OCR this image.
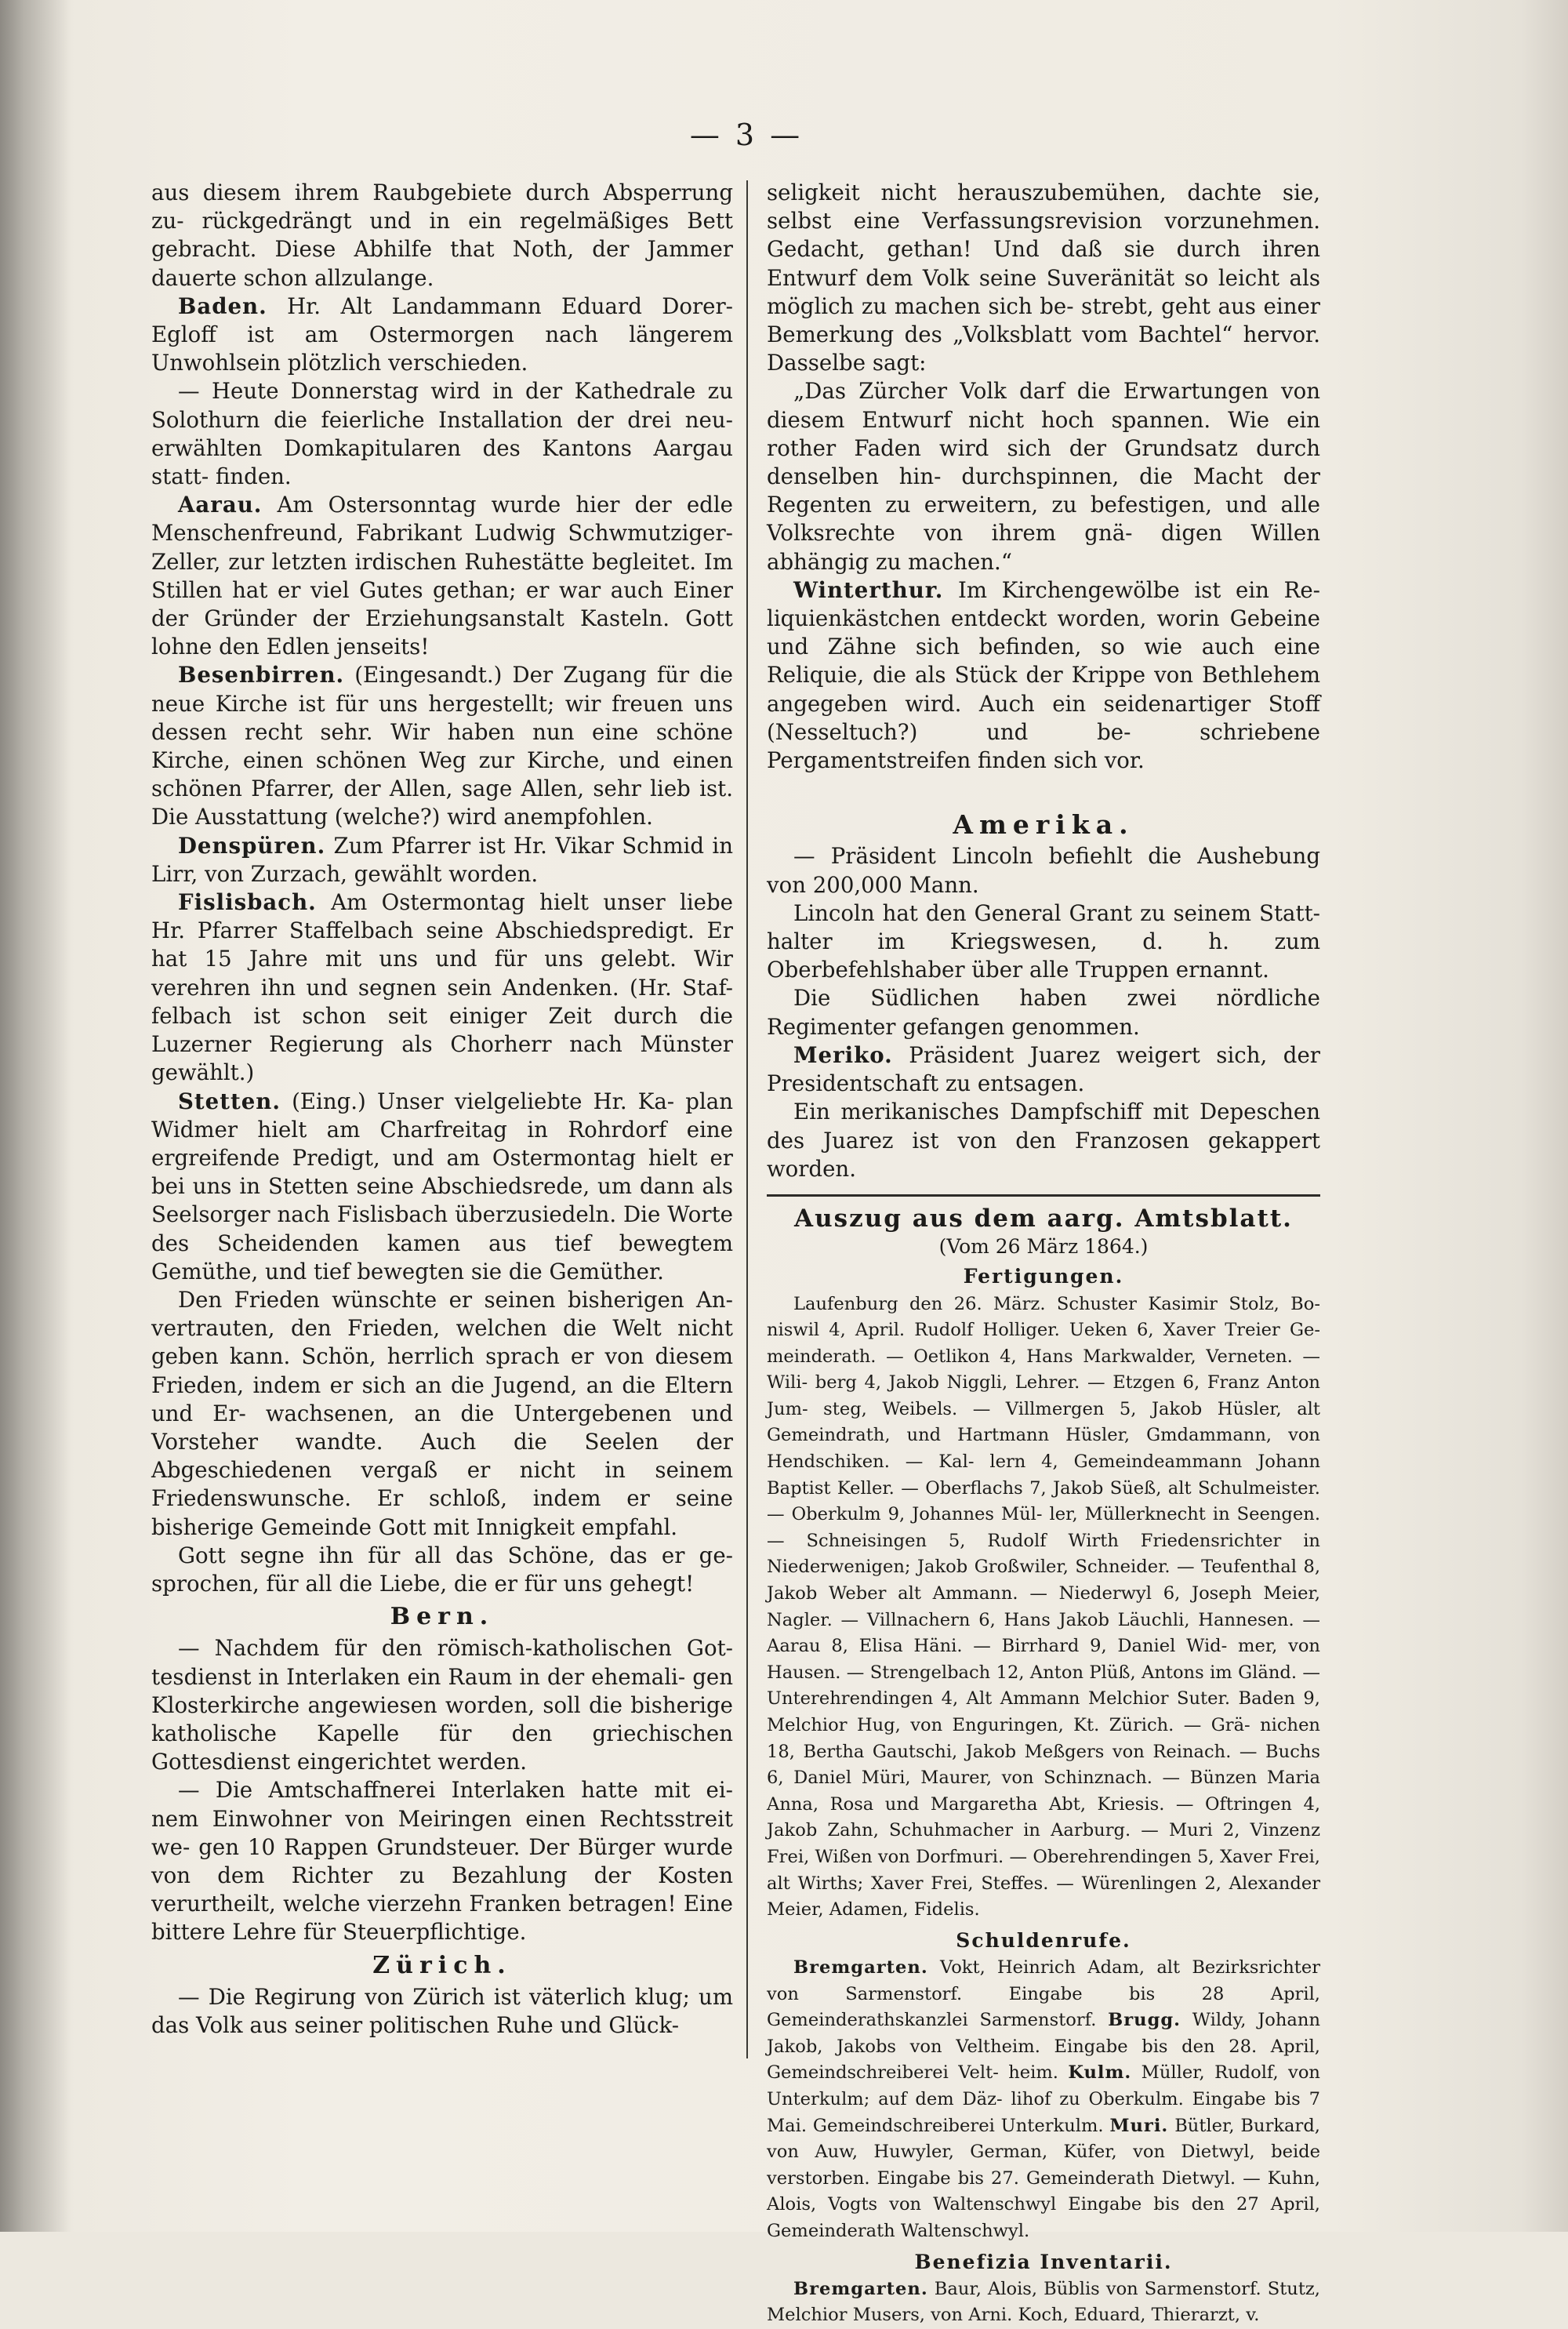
— 3 —

aus diesem ihrem Raubgebiete durch Absperrung zu- rückgedrängt und in ein regelmäßiges Bett gebracht. Diese Abhilfe that Noth, der Jammer dauerte schon allzulange.

Baden. Hr. Alt Landammann Eduard Dorer- Egloff ist am Ostermorgen nach längerem Unwohlsein plötzlich verschieden.

— Heute Donnerstag wird in der Kathedrale zu Solothurn die feierliche Installation der drei neu- erwählten Domkapitularen des Kantons Aargau statt- finden.

Aarau. Am Ostersonntag wurde hier der edle Menschenfreund, Fabrikant Ludwig Schwmutziger- Zeller, zur letzten irdischen Ruhestätte begleitet. Im Stillen hat er viel Gutes gethan; er war auch Einer der Gründer der Erziehungsanstalt Kasteln. Gott lohne den Edlen jenseits!

Besenbirren. (Eingesandt.) Der Zugang für die neue Kirche ist für uns hergestellt; wir freuen uns dessen recht sehr. Wir haben nun eine schöne Kirche, einen schönen Weg zur Kirche, und einen schönen Pfarrer, der Allen, sage Allen, sehr lieb ist. Die Ausstattung (welche?) wird anempfohlen.

Denspüren. Zum Pfarrer ist Hr. Vikar Schmid in Lirr, von Zurzach, gewählt worden.

Fislisbach. Am Ostermontag hielt unser liebe Hr. Pfarrer Staffelbach seine Abschiedspredigt. Er hat 15 Jahre mit uns und für uns gelebt. Wir verehren ihn und segnen sein Andenken. (Hr. Staf- felbach ist schon seit einiger Zeit durch die Luzerner Regierung als Chorherr nach Münster gewählt.)

Stetten. (Eing.) Unser vielgeliebte Hr. Ka- plan Widmer hielt am Charfreitag in Rohrdorf eine ergreifende Predigt, und am Ostermontag hielt er bei uns in Stetten seine Abschiedsrede, um dann als Seelsorger nach Fislisbach überzusiedeln. Die Worte des Scheidenden kamen aus tief bewegtem Gemüthe, und tief bewegten sie die Gemüther.

Den Frieden wünschte er seinen bisherigen An- vertrauten, den Frieden, welchen die Welt nicht geben kann. Schön, herrlich sprach er von diesem Frieden, indem er sich an die Jugend, an die Eltern und Er- wachsenen, an die Untergebenen und Vorsteher wandte. Auch die Seelen der Abgeschiedenen vergaß er nicht in seinem Friedenswunsche. Er schloß, indem er seine bisherige Gemeinde Gott mit Innigkeit empfahl.

Gott segne ihn für all das Schöne, das er ge- sprochen, für all die Liebe, die er für uns gehegt!

Bern.

— Nachdem für den römisch-katholischen Got- tesdienst in Interlaken ein Raum in der ehemali- gen Klosterkirche angewiesen worden, soll die bisherige katholische Kapelle für den griechischen Gottesdienst eingerichtet werden.

— Die Amtschaffnerei Interlaken hatte mit ei- nem Einwohner von Meiringen einen Rechtsstreit we- gen 10 Rappen Grundsteuer. Der Bürger wurde von dem Richter zu Bezahlung der Kosten verurtheilt, welche vierzehn Franken betragen! Eine bittere Lehre für Steuerpflichtige.

Zürich.

— Die Regirung von Zürich ist väterlich klug; um das Volk aus seiner politischen Ruhe und Glück-

seligkeit nicht herauszubemühen, dachte sie, selbst eine Verfassungsrevision vorzunehmen. Gedacht, gethan! Und daß sie durch ihren Entwurf dem Volk seine Suveränität so leicht als möglich zu machen sich be- strebt, geht aus einer Bemerkung des „Volksblatt vom Bachtel“ hervor. Dasselbe sagt:

„Das Zürcher Volk darf die Erwartungen von diesem Entwurf nicht hoch spannen. Wie ein rother Faden wird sich der Grundsatz durch denselben hin- durchspinnen, die Macht der Regenten zu erweitern, zu befestigen, und alle Volksrechte von ihrem gnä- digen Willen abhängig zu machen.“

Winterthur. Im Kirchengewölbe ist ein Re- liquienkästchen entdeckt worden, worin Gebeine und Zähne sich befinden, so wie auch eine Reliquie, die als Stück der Krippe von Bethlehem angegeben wird. Auch ein seidenartiger Stoff (Nesseltuch?) und be- schriebene Pergamentstreifen finden sich vor.

Amerika.

— Präsident Lincoln befiehlt die Aushebung von 200,000 Mann.

Lincoln hat den General Grant zu seinem Statt- halter im Kriegswesen, d. h. zum Oberbefehlshaber über alle Truppen ernannt.

Die Südlichen haben zwei nördliche Regimenter gefangen genommen.

Meriko. Präsident Juarez weigert sich, der Presidentschaft zu entsagen.

Ein merikanisches Dampfschiff mit Depeschen des Juarez ist von den Franzosen gekappert worden.

Auszug aus dem aarg. Amtsblatt.

(Vom 26 März 1864.)

Fertigungen.

Laufenburg den 26. März. Schuster Kasimir Stolz, Bo- niswil 4, April. Rudolf Holliger. Ueken 6, Xaver Treier Ge- meinderath. — Oetlikon 4, Hans Markwalder, Verneten. — Wili- berg 4, Jakob Niggli, Lehrer. — Etzgen 6, Franz Anton Jum- steg, Weibels. — Villmergen 5, Jakob Hüsler, alt Gemeindrath, und Hartmann Hüsler, Gmdammann, von Hendschiken. — Kal- lern 4, Gemeindeammann Johann Baptist Keller. — Oberflachs 7, Jakob Süeß, alt Schulmeister. — Oberkulm 9, Johannes Mül- ler, Müllerknecht in Seengen. — Schneisingen 5, Rudolf Wirth Friedensrichter in Niederwenigen; Jakob Großwiler, Schneider. — Teufenthal 8, Jakob Weber alt Ammann. — Niederwyl 6, Joseph Meier, Nagler. — Villnachern 6, Hans Jakob Läuchli, Hannesen. — Aarau 8, Elisa Häni. — Birrhard 9, Daniel Wid- mer, von Hausen. — Strengelbach 12, Anton Plüß, Antons im Gländ. — Unterehrendingen 4, Alt Ammann Melchior Suter. Baden 9, Melchior Hug, von Enguringen, Kt. Zürich. — Grä- nichen 18, Bertha Gautschi, Jakob Meßgers von Reinach. — Buchs 6, Daniel Müri, Maurer, von Schinznach. — Bünzen Maria Anna, Rosa und Margaretha Abt, Kriesis. — Oftringen 4, Jakob Zahn, Schuhmacher in Aarburg. — Muri 2, Vinzenz Frei, Wißen von Dorfmuri. — Oberehrendingen 5, Xaver Frei, alt Wirths; Xaver Frei, Steffes. — Würenlingen 2, Alexander Meier, Adamen, Fidelis.

Schuldenrufe.

Bremgarten. Vokt, Heinrich Adam, alt Bezirksrichter von Sarmenstorf. Eingabe bis 28 April, Gemeinderathskanzlei Sarmenstorf. Brugg. Wildy, Johann Jakob, Jakobs von Veltheim. Eingabe bis den 28. April, Gemeindschreiberei Velt- heim. Kulm. Müller, Rudolf, von Unterkulm; auf dem Däz- lihof zu Oberkulm. Eingabe bis 7 Mai. Gemeindschreiberei Unterkulm. Muri. Bütler, Burkard, von Auw, Huwyler, German, Küfer, von Dietwyl, beide verstorben. Eingabe bis 27. Gemeinderath Dietwyl. — Kuhn, Alois, Vogts von Waltenschwyl Eingabe bis den 27 April, Gemeinderath Waltenschwyl.

Benefizia Inventarii.

Bremgarten. Baur, Alois, Büblis von Sarmenstorf. Stutz, Melchior Musers, von Arni. Koch, Eduard, Thierarzt, v.
